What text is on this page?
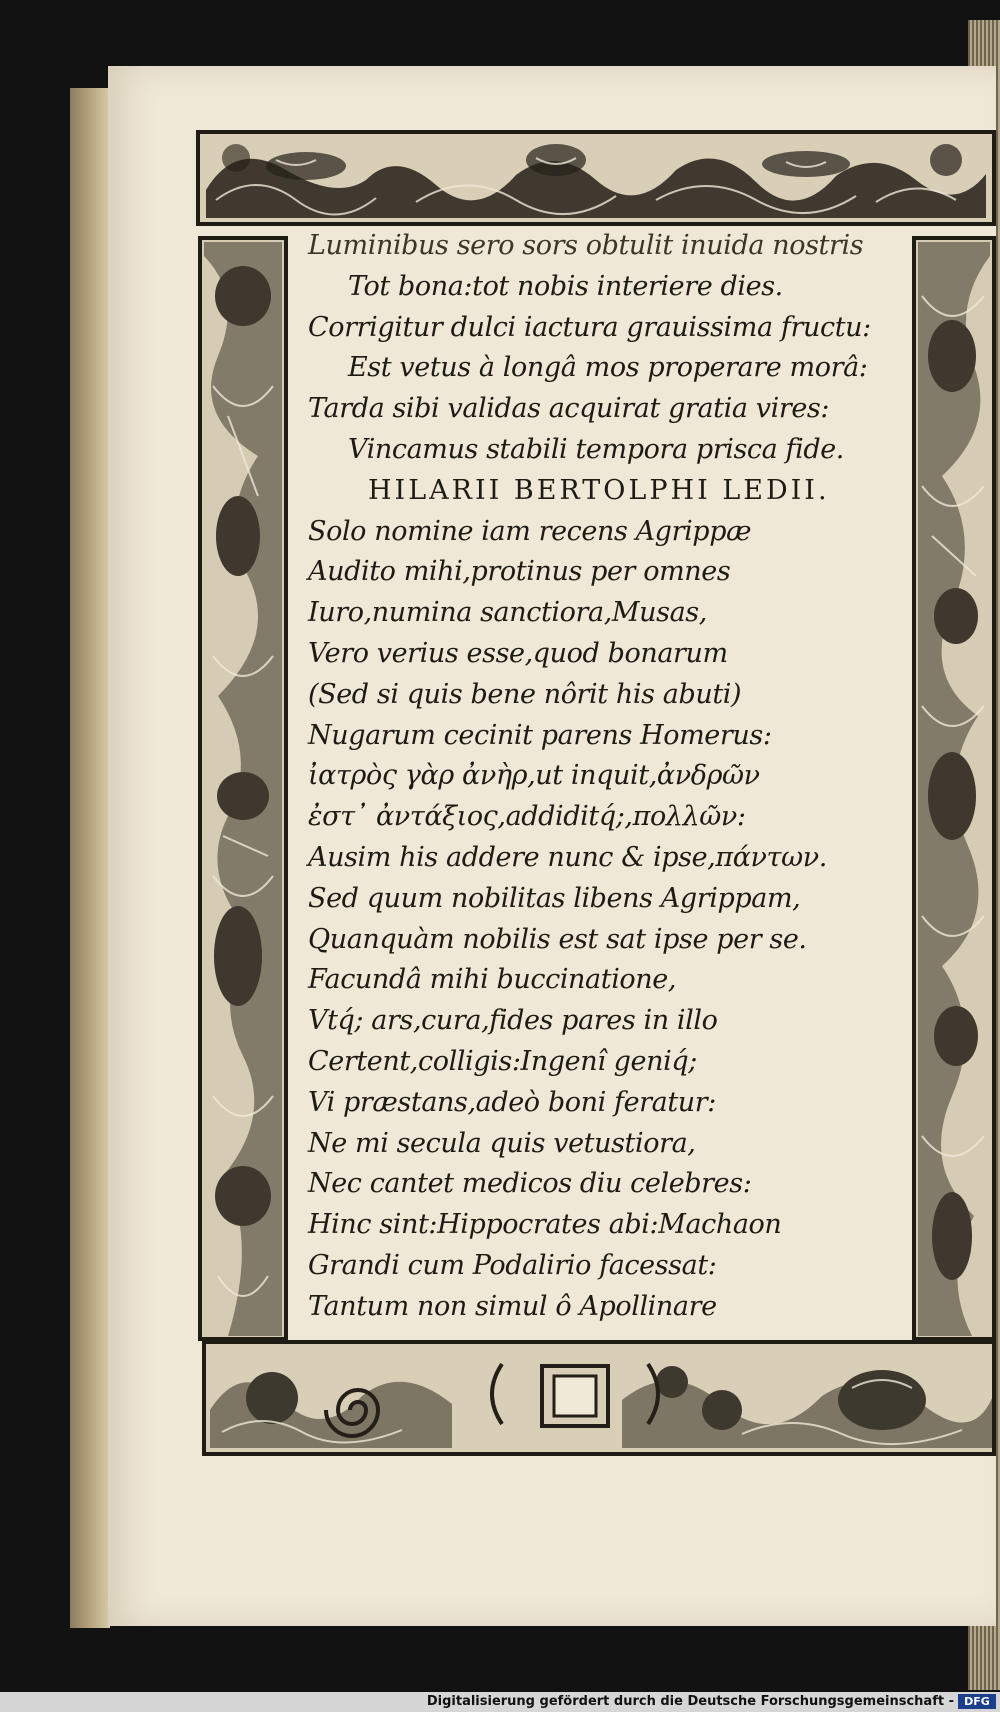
Luminibus sero sors obtulit inuida nostris
Tot bona:tot nobis interiere dies.
Corrigitur dulci iactura grauissima fructu:
Est vetus à longâ mos properare morâ:
Tarda sibi validas acquirat gratia vires:
Vincamus stabili tempora prisca fide.
HILARII BERTOLPHI LEDII.
Solo nomine iam recens Agrippæ
Audito mihi,protinus per omnes
Iuro,numina sanctiora,Musas,
Vero verius esse,quod bonarum
(Sed si quis bene nôrit his abuti)
Nugarum cecinit parens Homerus:
ἰατρὸς γὰρ ἀνὴρ,ut inquit,ἀνδρῶν
ἐστ᾽ ἀντάξιος,addiditq́;,πολλῶν:
Ausim his addere nunc & ipse,πάντων.
Sed quum nobilitas libens Agrippam,
Quanquàm nobilis est sat ipse per se.
Facundâ mihi buccinatione,
Vtq́; ars,cura,fides pares in illo
Certent,colligis:Ingenî geniq́;
Vi præstans,adeò boni feratur:
Ne mi secula quis vetustiora,
Nec cantet medicos diu celebres:
Hinc sint:Hippocrates abi:Machaon
Grandi cum Podalirio facessat:
Tantum non simul ô Apollinare
Digitalisierung gefördert durch die Deutsche Forschungsgemeinschaft - DFG
